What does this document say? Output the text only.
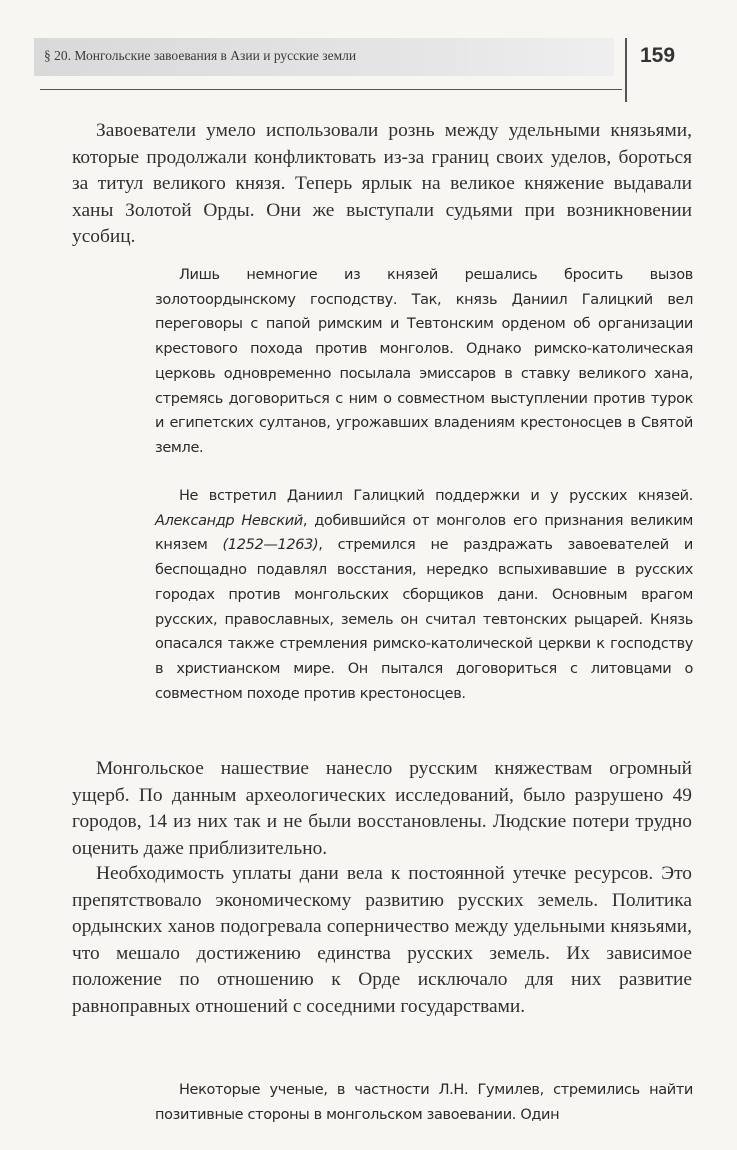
§ 20. Монгольские завоевания в Азии и русские земли	159

Завоеватели умело использовали рознь между удельными князьями, которые продолжали конфликтовать из-за границ своих уделов, бороться за титул великого князя. Теперь ярлык на великое княжение выдавали ханы Золотой Орды. Они же выступали судьями при возникновении усобиц.

Лишь немногие из князей решались бросить вызов золотоордынскому господству. Так, князь Даниил Галицкий вел переговоры с папой римским и Тевтонским орденом об организации крестового похода против монголов. Однако римско-католическая церковь одновременно посылала эмиссаров в ставку великого хана, стремясь договориться с ним о совместном выступлении против турок и египетских султанов, угрожавших владениям крестоносцев в Святой земле.

Не встретил Даниил Галицкий поддержки и у русских князей. Александр Невский, добившийся от монголов его признания великим князем (1252—1263), стремился не раздражать завоевателей и беспощадно подавлял восстания, нередко вспыхивавшие в русских городах против монгольских сборщиков дани. Основным врагом русских, православных, земель он считал тевтонских рыцарей. Князь опасался также стремления римско-католической церкви к господству в христианском мире. Он пытался договориться с литовцами о совместном походе против крестоносцев.

Монгольское нашествие нанесло русским княжествам огромный ущерб. По данным археологических исследований, было разрушено 49 городов, 14 из них так и не были восстановлены. Людские потери трудно оценить даже приблизительно.

Необходимость уплаты дани вела к постоянной утечке ресурсов. Это препятствовало экономическому развитию русских земель. Политика ордынских ханов подогревала соперничество между удельными князьями, что мешало достижению единства русских земель. Их зависимое положение по отношению к Орде исключало для них развитие равноправных отношений с соседними государствами.

Некоторые ученые, в частности Л.Н. Гумилев, стремились найти позитивные стороны в монгольском завоевании. Один
